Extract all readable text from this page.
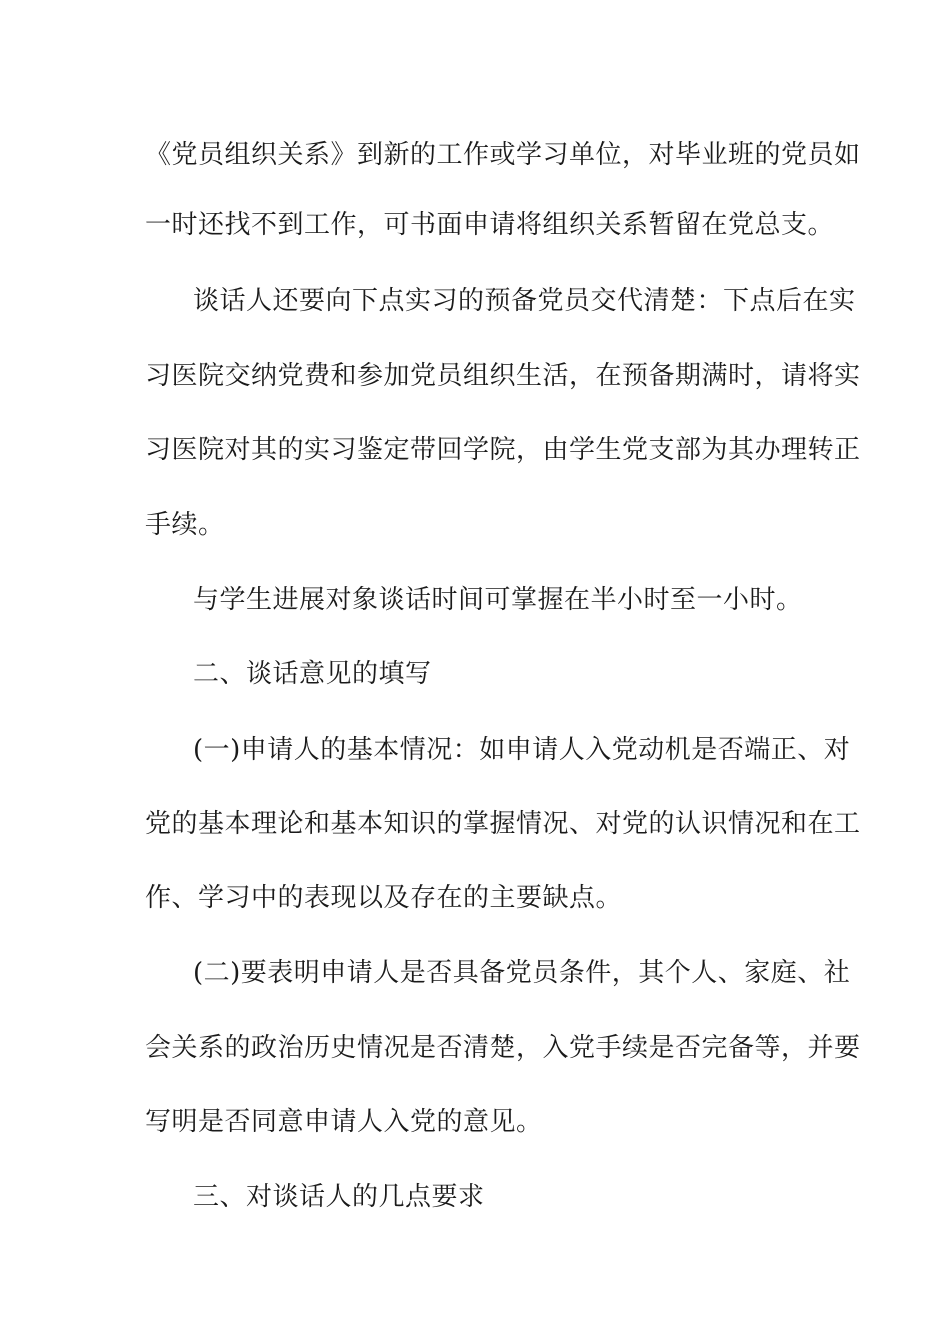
《党员组织关系》到新的工作或学习单位，对毕业班的党员如
一时还找不到工作，可书面申请将组织关系暂留在党总支。
谈话人还要向下点实习的预备党员交代清楚：下点后在实
习医院交纳党费和参加党员组织生活，在预备期满时，请将实
习医院对其的实习鉴定带回学院，由学生党支部为其办理转正
手续。
与学生进展对象谈话时间可掌握在半小时至一小时。
二、谈话意见的填写
(一)申请人的基本情况：如申请人入党动机是否端正、对
党的基本理论和基本知识的掌握情况、对党的认识情况和在工
作、学习中的表现以及存在的主要缺点。
(二)要表明申请人是否具备党员条件，其个人、家庭、社
会关系的政治历史情况是否清楚，入党手续是否完备等，并要
写明是否同意申请人入党的意见。
三、对谈话人的几点要求
